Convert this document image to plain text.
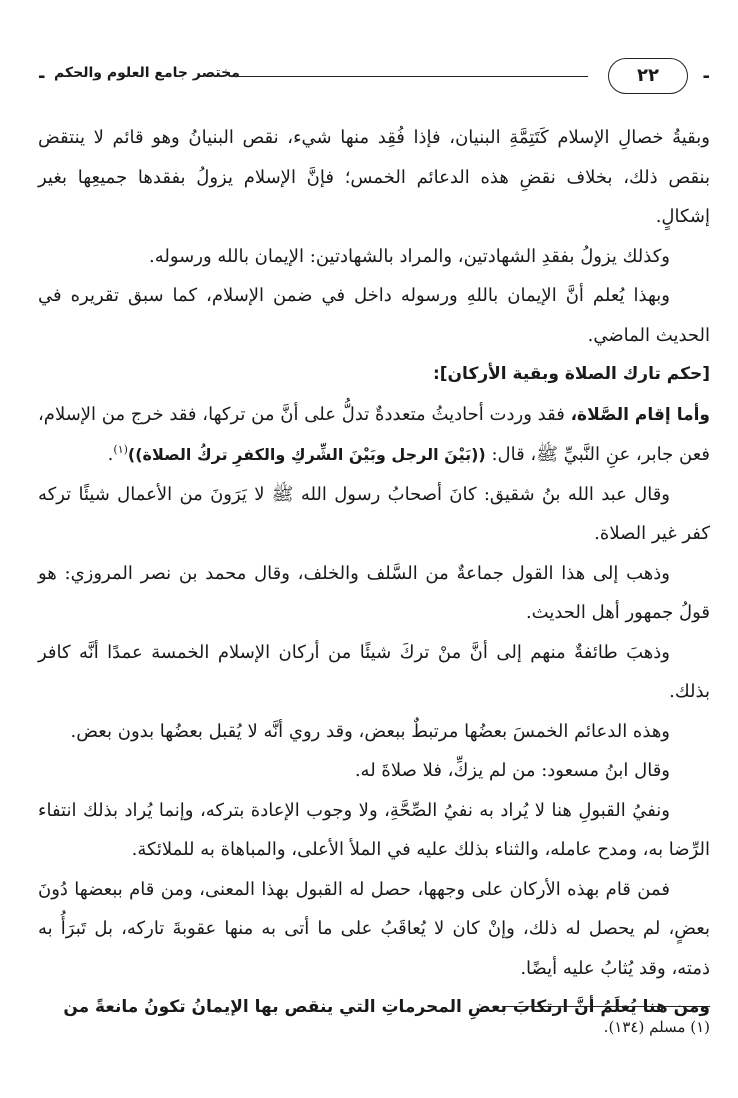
- مختصر جامع العلوم والحكم	٢٢	-

وبقيةُ خصالِ الإسلام كَتَتِمَّةِ البنيان، فإذا فُقِد منها شيء، نقص البنيانُ وهو قائم لا ينتقض بنقص ذلك، بخلاف نقضِ هذه الدعائم الخمس؛ فإنَّ الإسلام يزولُ بفقدها جميعِها بغير إشكالٍ.

وكذلك يزولُ بفقدِ الشهادتين، والمراد بالشهادتين: الإيمان بالله ورسوله.

وبهذا يُعلم أنَّ الإيمان باللهِ ورسوله داخل في ضمن الإسلام، كما سبق تقريره في الحديث الماضي.

[حكم تارك الصلاة وبقية الأركان]:

وأما إقام الصَّلاة، فقد وردت أحاديثُ متعددةٌ تدلُّ على أنَّ من تركها، فقد خرج من الإسلام، فعن جابر، عنِ النَّبيِّ ﷺ، قال: ((بَيْنَ الرجل وبَيْنَ الشِّركِ والكفرِ تركُ الصلاة))$^{(١)}$.

وقال عبد الله بنُ شقيق: كانَ أصحابُ رسول الله ﷺ لا يَرَونَ من الأعمال شيئًا تركه كفر غير الصلاة.

وذهب إلى هذا القول جماعةٌ من السَّلف والخلف، وقال محمد بن نصر المروزي: هو قولُ جمهور أهل الحديث.

وذهبَ طائفةٌ منهم إلى أنَّ منْ تركَ شيئًا من أركان الإسلام الخمسة عمدًا أنَّه كافر بذلك.

وهذه الدعائم الخمسَ بعضُها مرتبطٌ ببعض، وقد روي أنَّه لا يُقبل بعضُها بدون بعض.

وقال ابنُ مسعود: من لم يزكِّ، فلا صلاةَ له.

ونفيُ القبولِ هنا لا يُراد به نفيُ الصِّحَّةِ، ولا وجوب الإعادة بتركه، وإنما يُراد بذلك انتفاء الرِّضا به، ومدح عامله، والثناء بذلك عليه في الملأ الأعلى، والمباهاة به للملائكة.

فمن قام بهذه الأركان على وجهها، حصل له القبول بهذا المعنى، ومن قام ببعضها دُونَ بعضٍ، لم يحصل له ذلك، وإنْ كان لا يُعاقَبُ على ما أتى به منها عقوبةَ تاركه، بل تَبرَأُ به ذمته، وقد يُثابُ عليه أيضًا.

ومن هنا يُعلَمُ أنَّ ارتكابَ بعضِ المحرماتِ التي ينقص بها الإيمانُ تكونُ مانعةً من

(١) مسلم (١٣٤).
